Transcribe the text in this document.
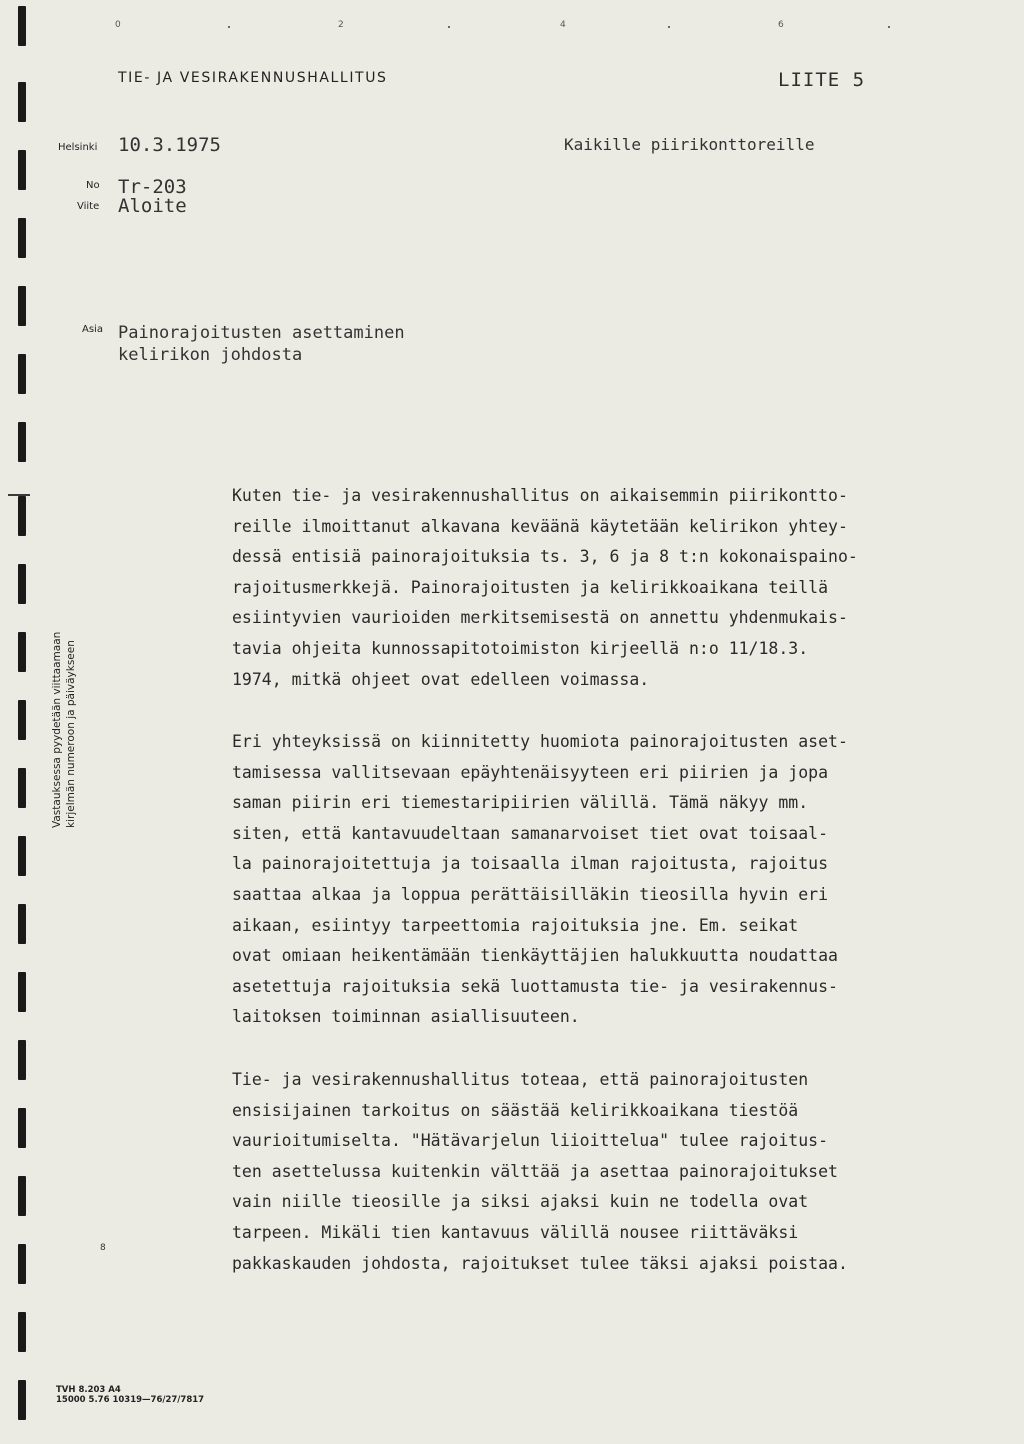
0	2	4	6
TIE- JA VESIRAKENNUSHALLITUS	LIITE 5
Helsinki 10.3.1975	Kaikille piirikonttoreille
No Tr-203
Viite Aloite
Asia Painorajoitusten asettaminen
kelirikon johdosta
Kuten tie- ja vesirakennushallitus on aikaisemmin piirikontto-
reille ilmoittanut alkavana keväänä käytetään kelirikon yhtey-
dessä entisiä painorajoituksia ts. 3, 6 ja 8 t:n kokonaispaino-
rajoitusmerkkejä. Painorajoitusten ja kelirikkoaikana teillä
esiintyvien vaurioiden merkitsemisestä on annettu yhdenmukais-
tavia ohjeita kunnossapitotoimiston kirjeellä n:o 11/18.3.
1974, mitkä ohjeet ovat edelleen voimassa.
Eri yhteyksissä on kiinnitetty huomiota painorajoitusten aset-
tamisessa vallitsevaan epäyhtenäisyyteen eri piirien ja jopa
saman piirin eri tiemestaripiirien välillä. Tämä näkyy mm.
siten, että kantavuudeltaan samanarvoiset tiet ovat toisaal-
la painorajoitettuja ja toisaalla ilman rajoitusta, rajoitus
saattaa alkaa ja loppua perättäisilläkin tieosilla hyvin eri
aikaan, esiintyy tarpeettomia rajoituksia jne. Em. seikat
ovat omiaan heikentämään tienkäyttäjien halukkuutta noudattaa
asetettuja rajoituksia sekä luottamusta tie- ja vesirakennus-
laitoksen toiminnan asiallisuuteen.
Tie- ja vesirakennushallitus toteaa, että painorajoitusten
ensisijainen tarkoitus on säästää kelirikkoaikana tiestöä
vaurioitumiselta. "Hätävarjelun liioittelua" tulee rajoitus-
ten asettelussa kuitenkin välttää ja asettaa painorajoitukset
vain niille tieosille ja siksi ajaksi kuin ne todella ovat
tarpeen. Mikäli tien kantavuus välillä nousee riittäväksi
pakkaskauden johdosta, rajoitukset tulee täksi ajaksi poistaa.
Vastauksessa pyydetään viittaamaan kirjelmän numeroon ja päiväykseen
8
TVH 8.203 A4
15000 5.76 10319—76/27/7817
